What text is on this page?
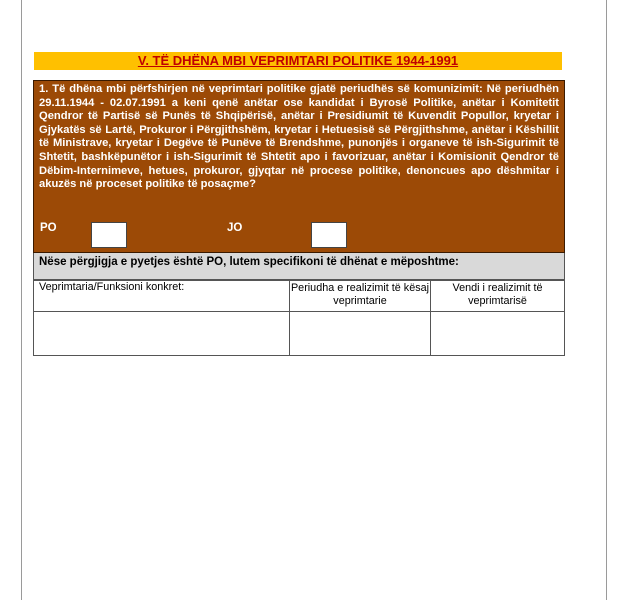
V. TË DHËNA MBI VEPRIMTARI POLITIKE 1944-1991
1. Të dhëna mbi përfshirjen në veprimtari politike gjatë periudhës së komunizimit: Në periudhën 29.11.1944 - 02.07.1991 a keni qenë anëtar ose kandidat i Byrosë Politike, anëtar i Komitetit Qendror të Partisë së Punës të Shqipërisë, anëtar i Presidiumit të Kuvendit Popullor, kryetar i Gjykatës së Lartë, Prokuror i Përgjithshëm, kryetar i Hetuesisë së Përgjithshme, anëtar i Këshillit të Ministrave, kryetar i Degëve të Punëve të Brendshme, punonjës i organeve të ish-Sigurimit të Shtetit, bashkëpunëtor i ish-Sigurimit të Shtetit apo i favorizuar, anëtar i Komisionit Qendror të Dëbim-Internimeve, hetues, prokuror, gjyqtar në procese politike, denoncues apo dëshmitar i akuzës në proceset politike të posaçme?
PO	JO
Nëse përgjigja e pyetjes është PO, lutem specifikoni të dhënat e mëposhtme:
Veprimtaria/Funksioni konkret:	Periudha e realizimit të kësaj veprimtarie	Vendi i realizimit të veprimtarisë
